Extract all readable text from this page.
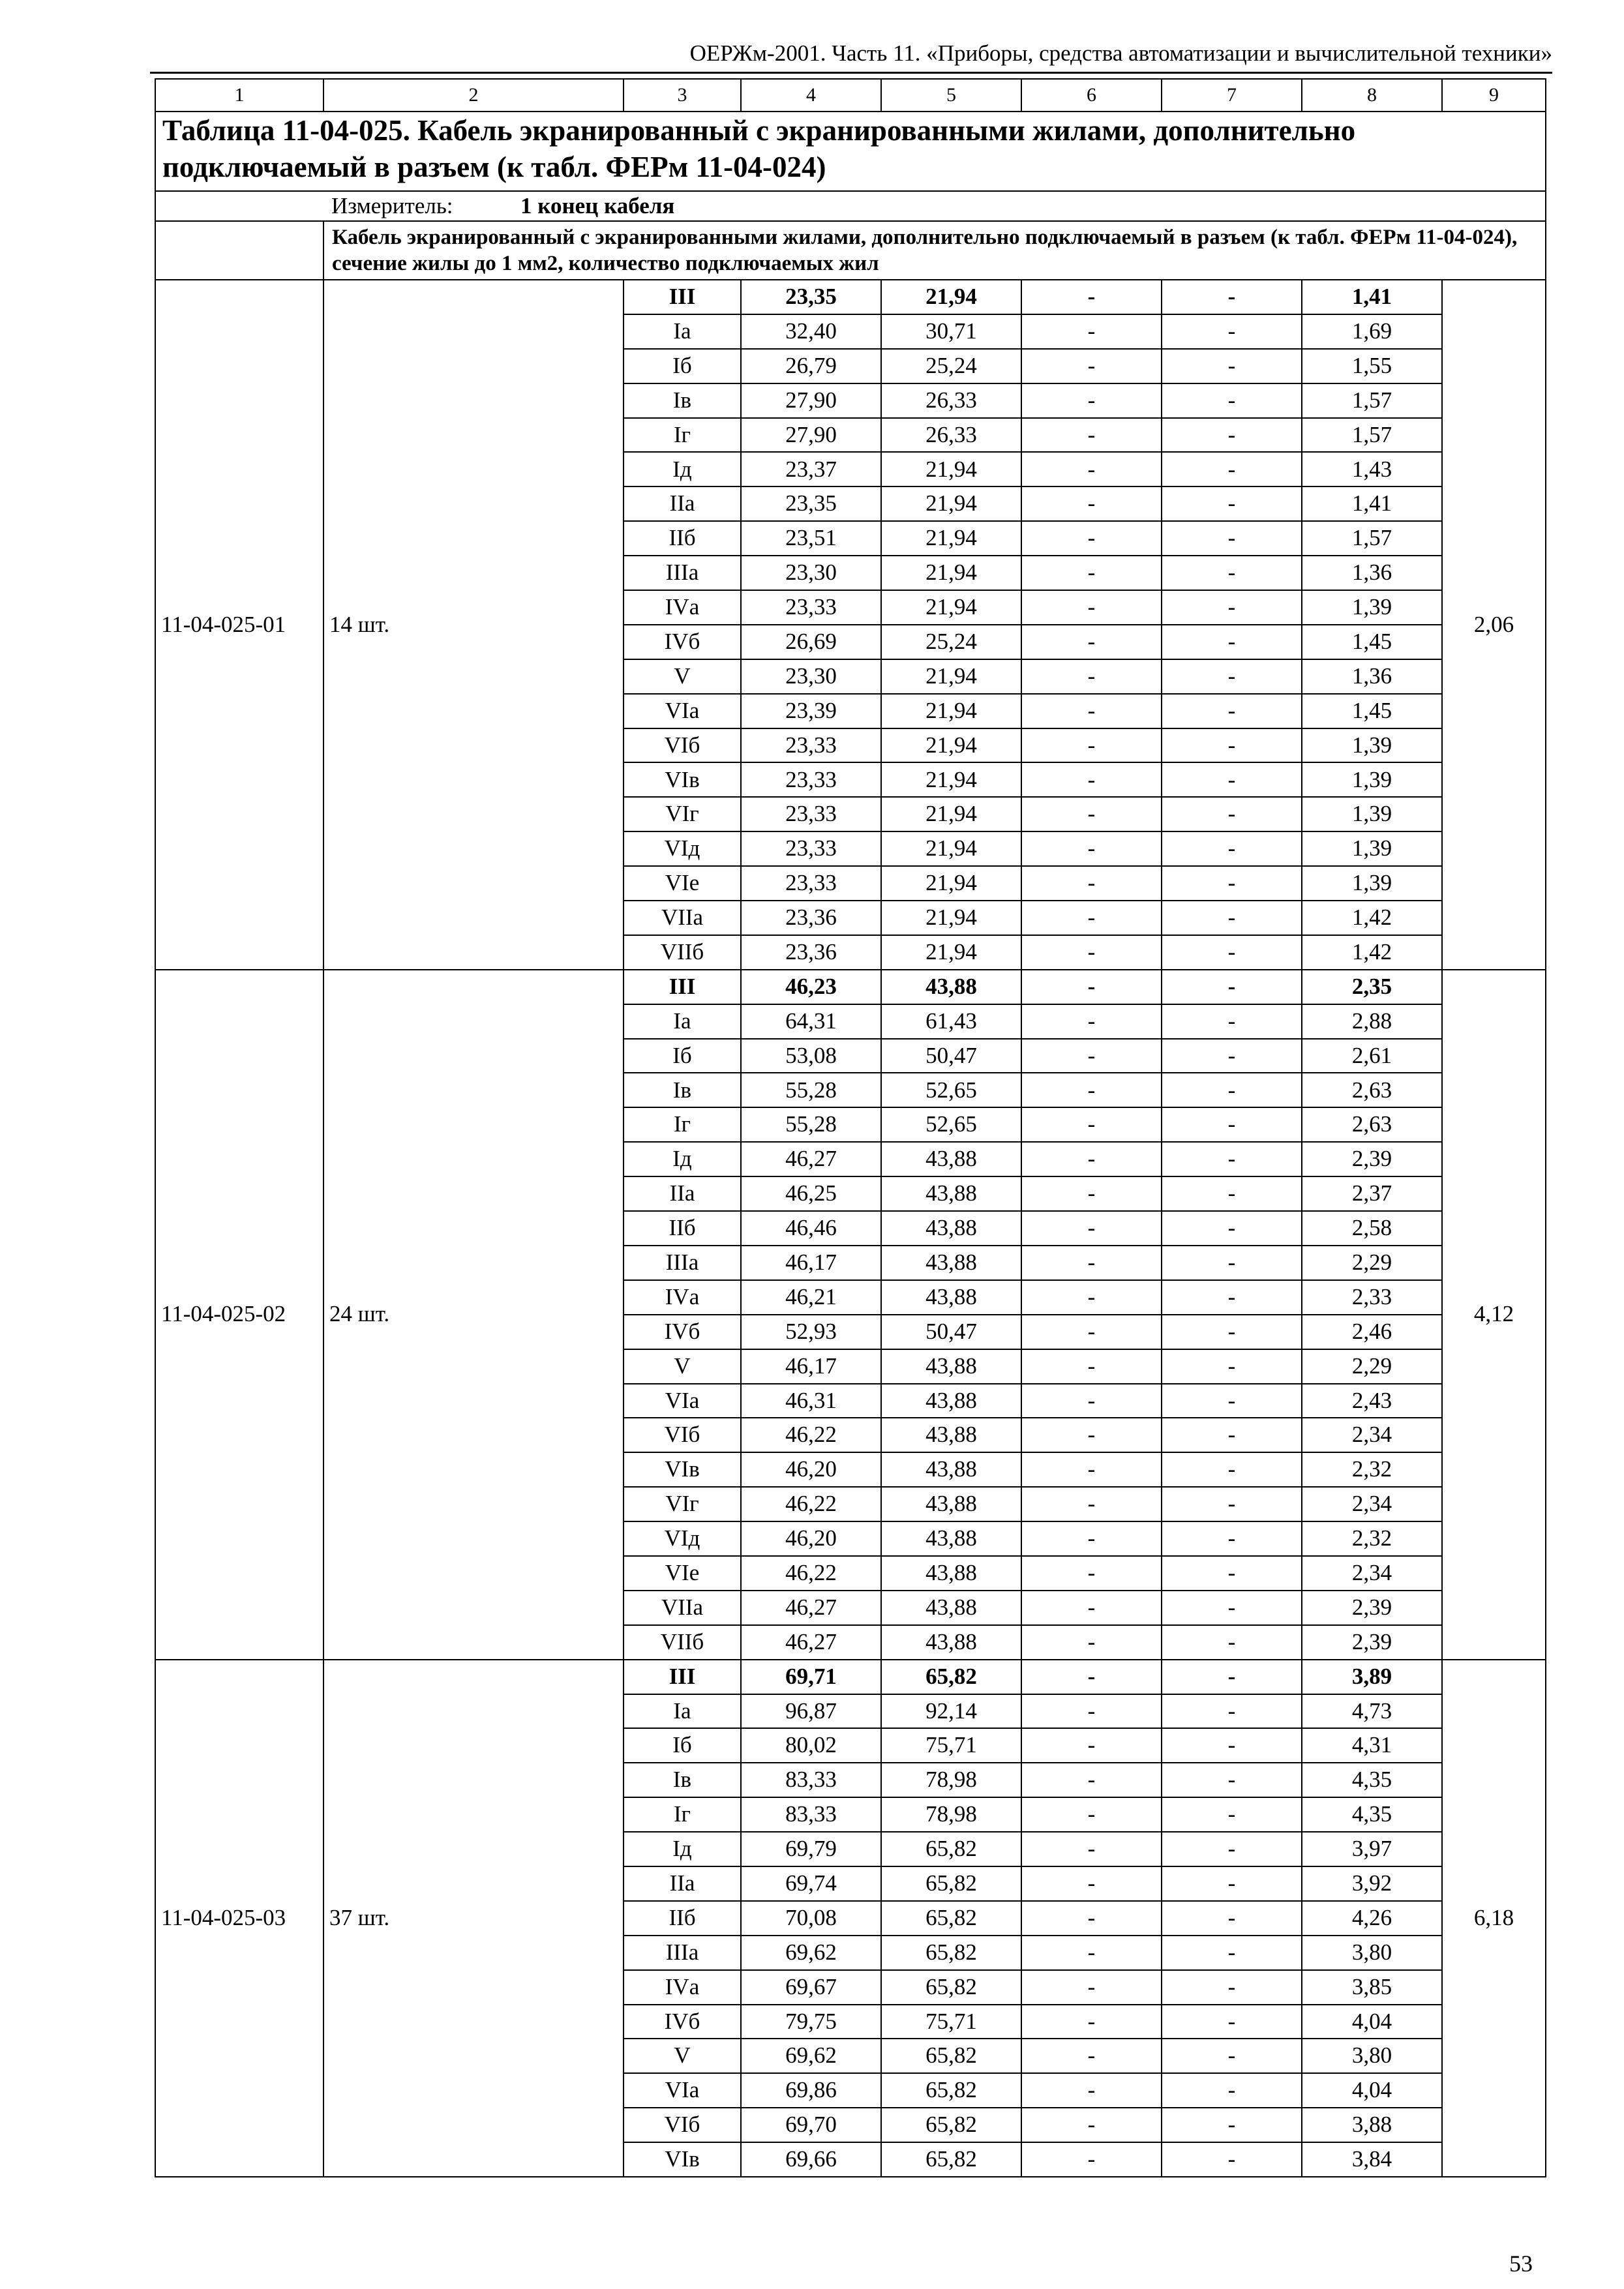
ОЕРЖм-2001. Часть 11. «Приборы, средства автоматизации и вычислительной техники»
1	2	3	4	5	6	7	8	9
Таблица 11-04-025. Кабель экранированный с экранированными жилами, дополнительно подключаемый в разъем (к табл. ФЕРм 11-04-024)								
	Измеритель: 1 конец кабеля							
	Кабель экранированный с экранированными жилами, дополнительно подключаемый в разъем (к табл. ФЕРм 11-04-024), сечение жилы до 1 мм2, количество подключаемых жил							
11-04-025-01	14 шт.	III	23,35	21,94	-	-	1,41	2,06
		Iа	32,40	30,71	-	-	1,69	
		Iб	26,79	25,24	-	-	1,55	
		Iв	27,90	26,33	-	-	1,57	
		Iг	27,90	26,33	-	-	1,57	
		Iд	23,37	21,94	-	-	1,43	
		IIа	23,35	21,94	-	-	1,41	
		IIб	23,51	21,94	-	-	1,57	
		IIIа	23,30	21,94	-	-	1,36	
		IVа	23,33	21,94	-	-	1,39	
		IVб	26,69	25,24	-	-	1,45	
		V	23,30	21,94	-	-	1,36	
		VIа	23,39	21,94	-	-	1,45	
		VIб	23,33	21,94	-	-	1,39	
		VIв	23,33	21,94	-	-	1,39	
		VIг	23,33	21,94	-	-	1,39	
		VIд	23,33	21,94	-	-	1,39	
		VIе	23,33	21,94	-	-	1,39	
		VIIа	23,36	21,94	-	-	1,42	
		VIIб	23,36	21,94	-	-	1,42	
11-04-025-02	24 шт.	III	46,23	43,88	-	-	2,35	4,12
		Iа	64,31	61,43	-	-	2,88	
		Iб	53,08	50,47	-	-	2,61	
		Iв	55,28	52,65	-	-	2,63	
		Iг	55,28	52,65	-	-	2,63	
		Iд	46,27	43,88	-	-	2,39	
		IIа	46,25	43,88	-	-	2,37	
		IIб	46,46	43,88	-	-	2,58	
		IIIа	46,17	43,88	-	-	2,29	
		IVа	46,21	43,88	-	-	2,33	
		IVб	52,93	50,47	-	-	2,46	
		V	46,17	43,88	-	-	2,29	
		VIа	46,31	43,88	-	-	2,43	
		VIб	46,22	43,88	-	-	2,34	
		VIв	46,20	43,88	-	-	2,32	
		VIг	46,22	43,88	-	-	2,34	
		VIд	46,20	43,88	-	-	2,32	
		VIе	46,22	43,88	-	-	2,34	
		VIIа	46,27	43,88	-	-	2,39	
		VIIб	46,27	43,88	-	-	2,39	
11-04-025-03	37 шт.	III	69,71	65,82	-	-	3,89	6,18
		Iа	96,87	92,14	-	-	4,73	
		Iб	80,02	75,71	-	-	4,31	
		Iв	83,33	78,98	-	-	4,35	
		Iг	83,33	78,98	-	-	4,35	
		Iд	69,79	65,82	-	-	3,97	
		IIа	69,74	65,82	-	-	3,92	
		IIб	70,08	65,82	-	-	4,26	
		IIIа	69,62	65,82	-	-	3,80	
		IVа	69,67	65,82	-	-	3,85	
		IVб	79,75	75,71	-	-	4,04	
		V	69,62	65,82	-	-	3,80	
		VIа	69,86	65,82	-	-	4,04	
		VIб	69,70	65,82	-	-	3,88	
		VIв	69,66	65,82	-	-	3,84	
53
